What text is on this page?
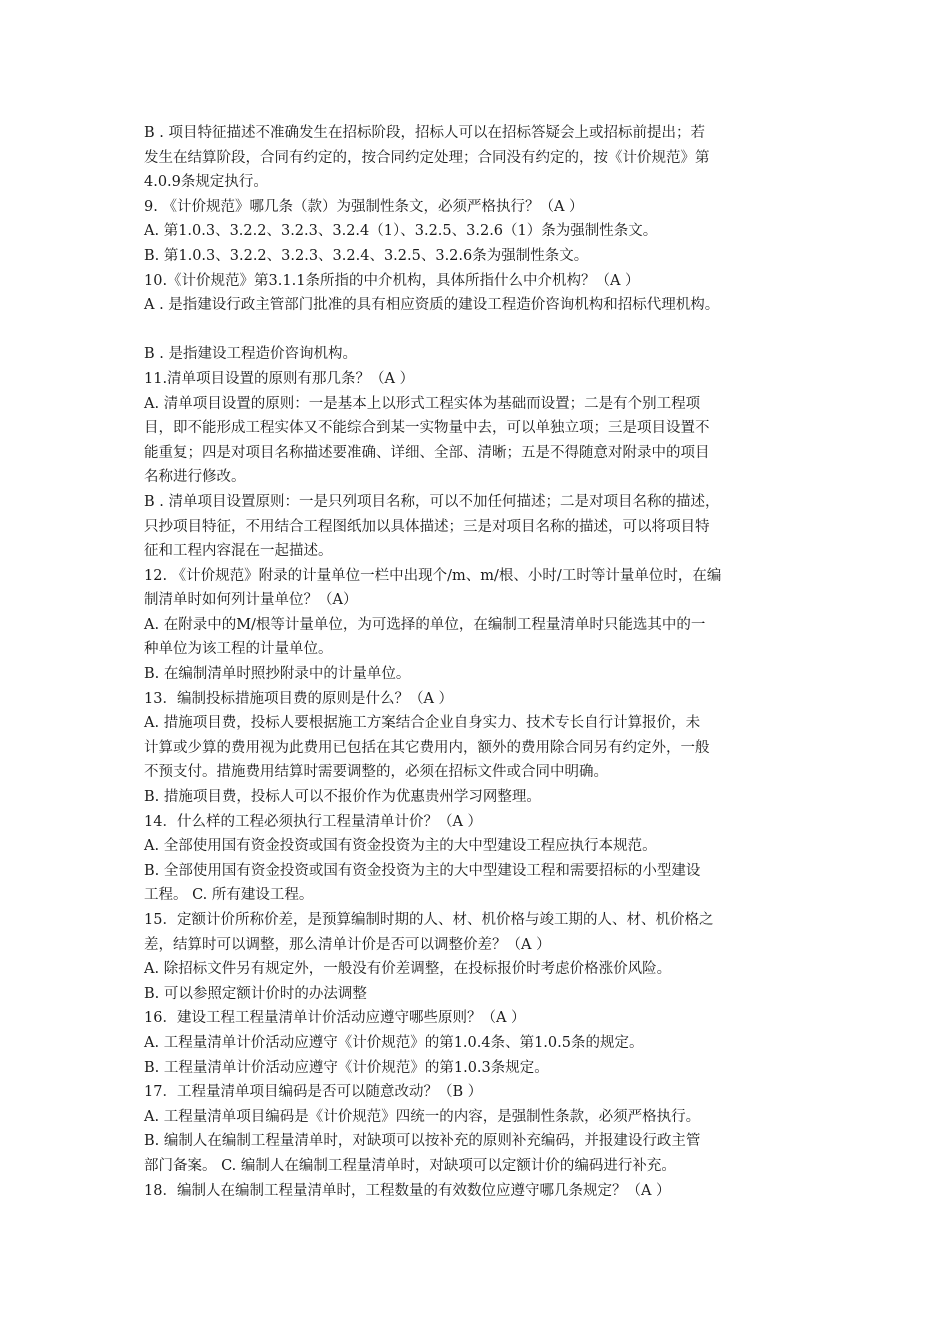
B . 项目特征描述不准确发生在招标阶段，招标人可以在招标答疑会上或招标前提出；若
发生在结算阶段，合同有约定的，按合同约定处理；合同没有约定的，按《计价规范》第
4.0.9条规定执行。
9. 《计价规范》哪几条（款）为强制性条文，必须严格执行？（A ）
A. 第1.0.3、3.2.2、3.2.3、3.2.4（1）、3.2.5、3.2.6（1）条为强制性条文。
B. 第1.0.3、3.2.2、3.2.3、3.2.4、3.2.5、3.2.6条为强制性条文。
10.《计价规范》第3.1.1条所指的中介机构，具体所指什么中介机构？（A ）
A . 是指建设行政主管部门批准的具有相应资质的建设工程造价咨询机构和招标代理机构。
B . 是指建设工程造价咨询机构。
11.清单项目设置的原则有那几条？（A ）
A. 清单项目设置的原则：一是基本上以形式工程实体为基础而设置；二是有个别工程项
目，即不能形成工程实体又不能综合到某一实物量中去，可以单独立项；三是项目设置不
能重复；四是对项目名称描述要准确、详细、全部、清晰；五是不得随意对附录中的项目
名称进行修改。
B . 清单项目设置原则：一是只列项目名称，可以不加任何描述；二是对项目名称的描述，
只抄项目特征，不用结合工程图纸加以具体描述；三是对项目名称的描述，可以将项目特
征和工程内容混在一起描述。
12. 《计价规范》附录的计量单位一栏中出现个/m、m/根、小时/工时等计量单位时，在编
制清单时如何列计量单位？（A）
A. 在附录中的M/根等计量单位，为可选择的单位，在编制工程量清单时只能选其中的一
种单位为该工程的计量单位。
B. 在编制清单时照抄附录中的计量单位。
13．编制投标措施项目费的原则是什么？（A ）
A. 措施项目费，投标人要根据施工方案结合企业自身实力、技术专长自行计算报价，未
计算或少算的费用视为此费用已包括在其它费用内，额外的费用除合同另有约定外，一般
不预支付。措施费用结算时需要调整的，必须在招标文件或合同中明确。
B. 措施项目费，投标人可以不报价作为优惠贵州学习网整理。
14．什么样的工程必须执行工程量清单计价？（A ）
A. 全部使用国有资金投资或国有资金投资为主的大中型建设工程应执行本规范。
B. 全部使用国有资金投资或国有资金投资为主的大中型建设工程和需要招标的小型建设
工程。 C. 所有建设工程。
15．定额计价所称价差，是预算编制时期的人、材、机价格与竣工期的人、材、机价格之
差，结算时可以调整，那么清单计价是否可以调整价差？（A ）
A. 除招标文件另有规定外，一般没有价差调整，在投标报价时考虑价格涨价风险。
B. 可以参照定额计价时的办法调整
16．建设工程工程量清单计价活动应遵守哪些原则？（A ）
A. 工程量清单计价活动应遵守《计价规范》的第1.0.4条、第1.0.5条的规定。
B. 工程量清单计价活动应遵守《计价规范》的第1.0.3条规定。
17．工程量清单项目编码是否可以随意改动？（B ）
A. 工程量清单项目编码是《计价规范》四统一的内容，是强制性条款，必须严格执行。
B. 编制人在编制工程量清单时，对缺项可以按补充的原则补充编码，并报建设行政主管
部门备案。 C. 编制人在编制工程量清单时，对缺项可以定额计价的编码进行补充。
18．编制人在编制工程量清单时，工程数量的有效数位应遵守哪几条规定？（A ）
